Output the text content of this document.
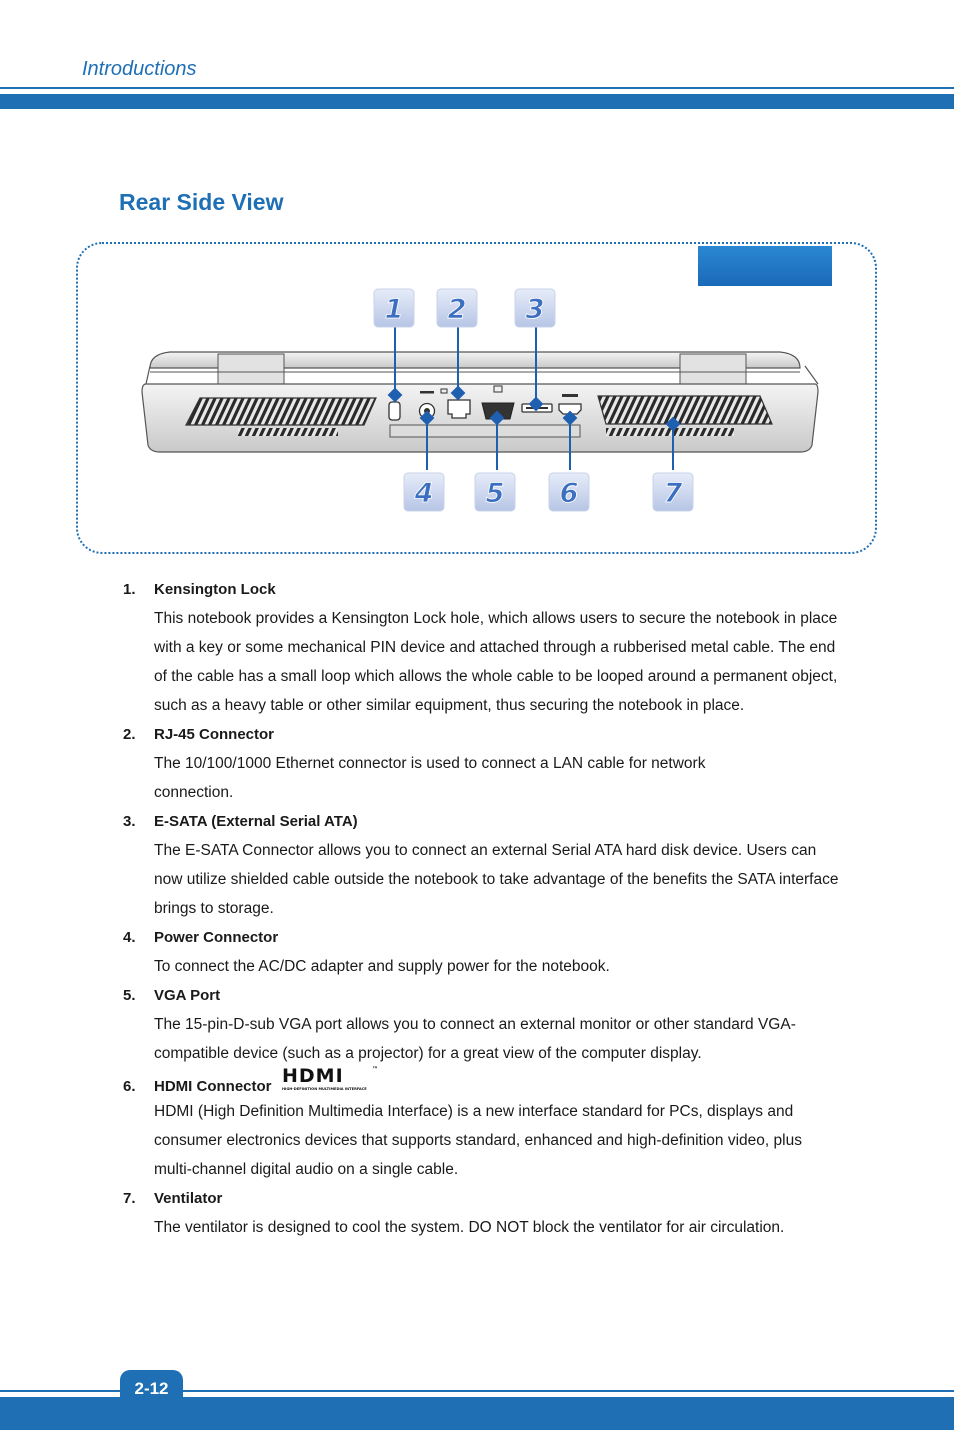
Introductions
Rear Side View
1 2 3
4 5 6	7
1. Kensington Lock
This notebook provides a Kensington Lock hole, which allows users to secure the notebook in place with a key or some mechanical PIN device and attached through a rubberised metal cable. The end of the cable has a small loop which allows the whole cable to be looped around a permanent object, such as a heavy table or other similar equipment, thus securing the notebook in place.
2. RJ-45 Connector
The 10/100/1000 Ethernet connector is used to connect a LAN cable for network connection.
3. E-SATA (External Serial ATA)
The E-SATA Connector allows you to connect an external Serial ATA hard disk device. Users can now utilize shielded cable outside the notebook to take advantage of the benefits the SATA interface brings to storage.
4. Power Connector
To connect the AC/DC adapter and supply power for the notebook.
5. VGA Port
The 15-pin-D-sub VGA port allows you to connect an external monitor or other standard VGA-compatible device (such as a projector) for a great view of the computer display.
6. HDMI Connector HDMI	™
HIGH-DEFINITION MULTIMEDIA INTERFACE
HDMI (High Definition Multimedia Interface) is a new interface standard for PCs, displays and consumer electronics devices that supports standard, enhanced and high-definition video, plus multi-channel digital audio on a single cable.
7. Ventilator
The ventilator is designed to cool the system. DO NOT block the ventilator for air circulation.
2-12
